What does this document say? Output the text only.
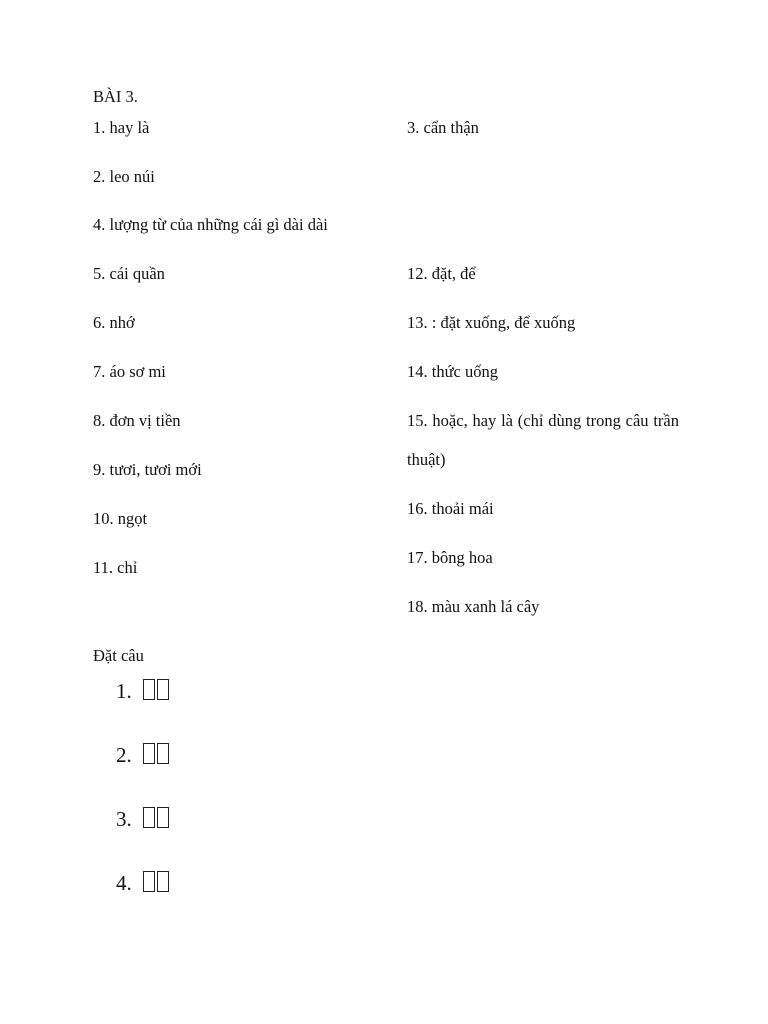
BÀI 3.
1. hay là
2. leo núi
4. lượng từ của những cái gì dài dài
5. cái quần
6. nhớ
7. áo sơ mi
8. đơn vị tiền
9. tươi, tươi mới
10. ngọt
11. chỉ
3. cẩn thận
12. đặt, để
13. : đặt xuống, để xuống
14. thức uống
15. hoặc, hay là (chỉ dùng trong câu trần thuật)
16. thoải mái
17. bông hoa
18. màu xanh lá cây
Đặt câu
1.
2.
3.
4.
